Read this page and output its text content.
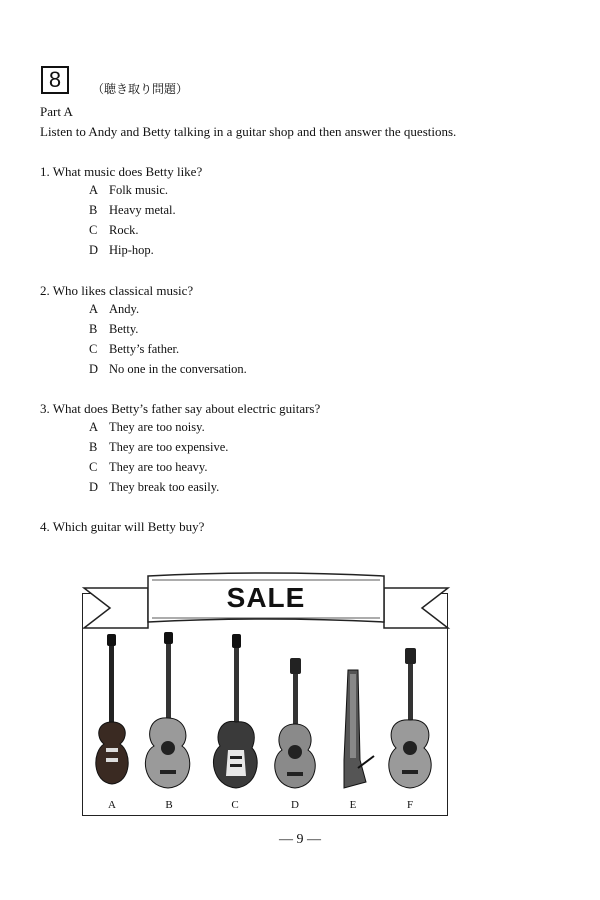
8	（聴き取り問題）
Part A
Listen to Andy and Betty talking in a guitar shop and then answer the questions.
1. What music does Betty like?
A Folk music.
B Heavy metal.
C Rock.
D Hip-hop.
2. Who likes classical music?
A Andy.
B Betty.
C Betty’s father.
D No one in the conversation.
3. What does Betty’s father say about electric guitars?
A They are too noisy.
B They are too expensive.
C They are too heavy.
D They break too easily.
4. Which guitar will Betty buy?
SALE
A	B	C	D	E	F
— 9 —
